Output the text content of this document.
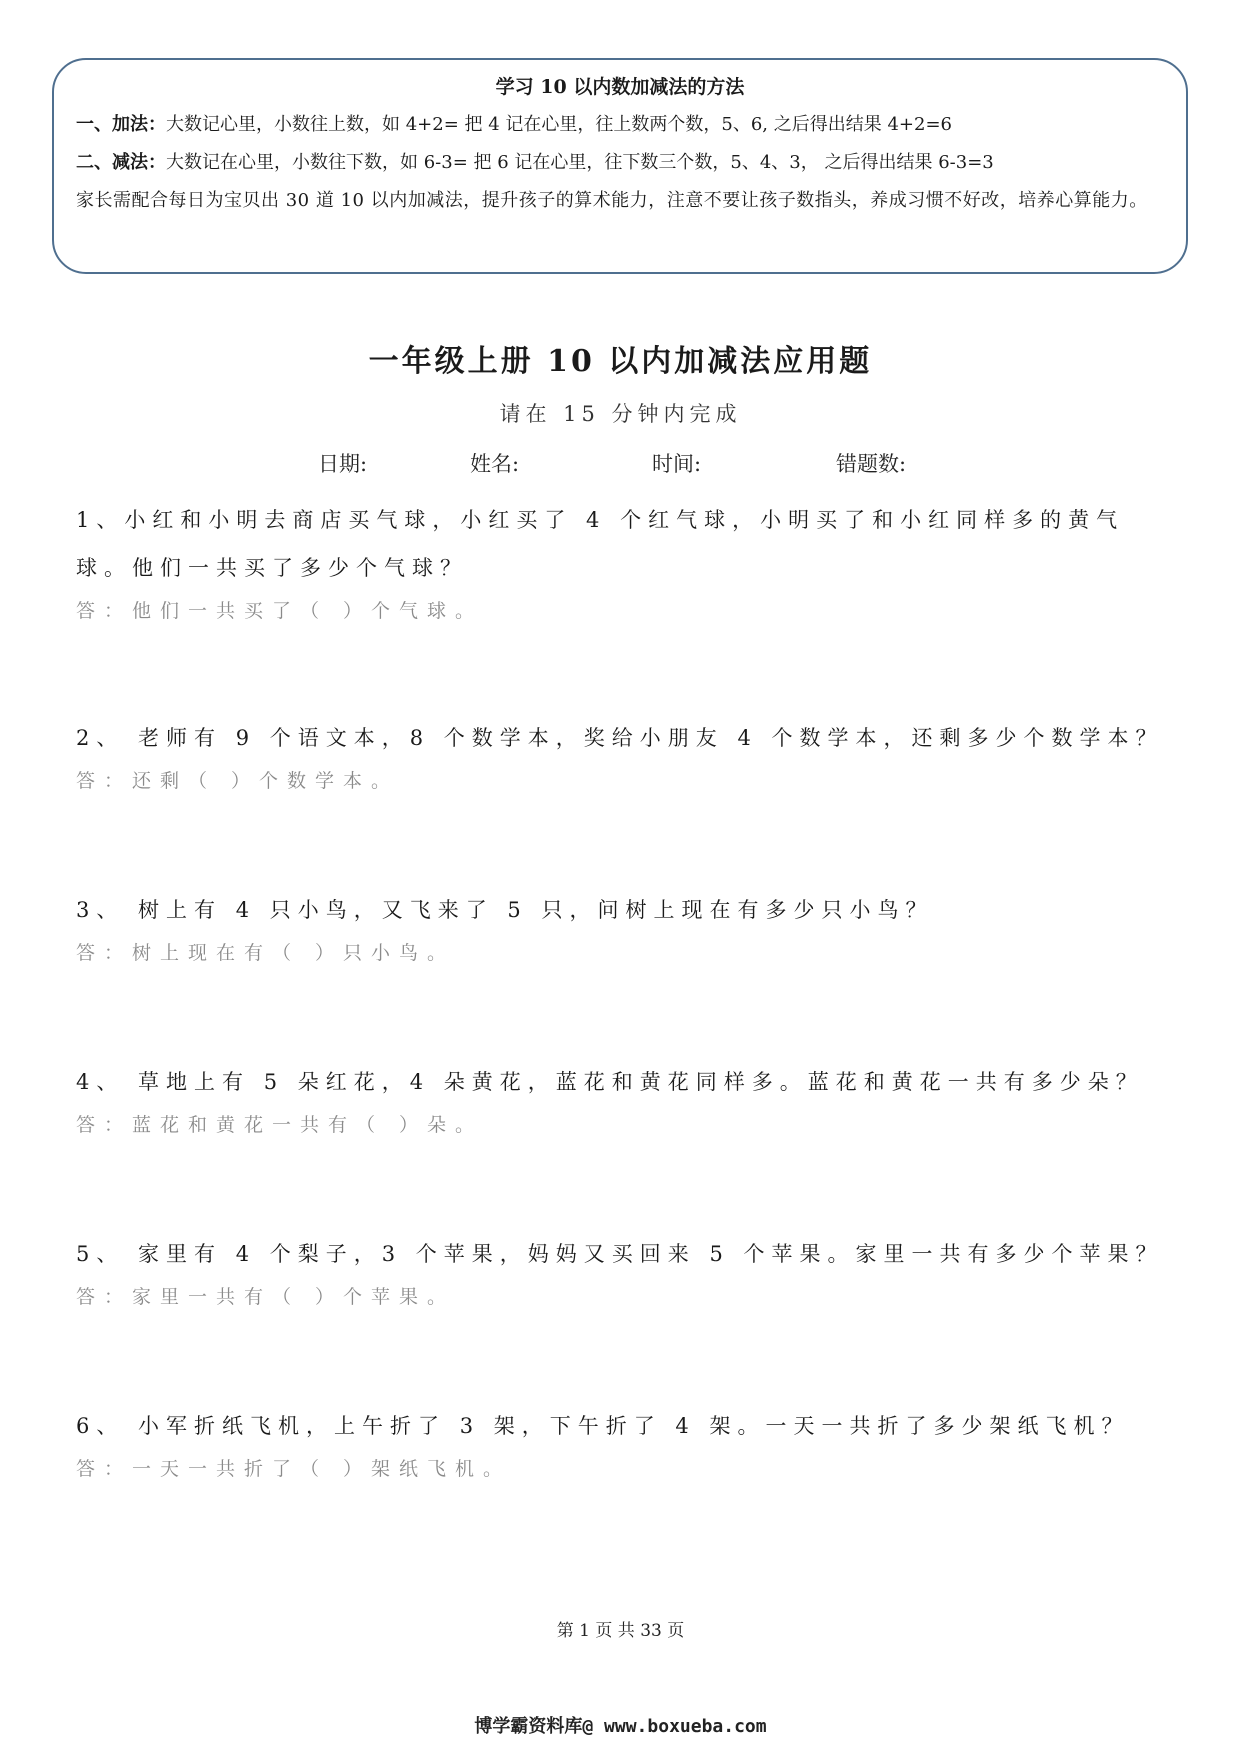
学习 10 以内数加减法的方法

一、加法：大数记心里，小数往上数，如 4+2= 把 4 记在心里，往上数两个数，5、6, 之后得出结果 4+2=6

二、减法：大数记在心里，小数往下数，如 6-3= 把 6 记在心里，往下数三个数，5、4、3， 之后得出结果 6-3=3

家长需配合每日为宝贝出 30 道 10 以内加减法，提升孩子的算术能力，注意不要让孩子数指头，养成习惯不好改，培养心算能力。

一年级上册 10 以内加减法应用题
请在 15 分钟内完成
日期:	姓名:	时间:	错题数:

1、小红和小明去商店买气球，小红买了 4 个红气球，小明买了和小红同样多的黄气球。他们一共买了多少个气球？

答：他们一共买了（ ）个气球。

2、 老师有 9 个语文本，8 个数学本，奖给小朋友 4 个数学本，还剩多少个数学本？

答：还剩（ ）个数学本。

3、 树上有 4 只小鸟，又飞来了 5 只，问树上现在有多少只小鸟？

答：树上现在有（ ）只小鸟。

4、 草地上有 5 朵红花，4 朵黄花，蓝花和黄花同样多。蓝花和黄花一共有多少朵？

答：蓝花和黄花一共有（ ）朵。

5、 家里有 4 个梨子，3 个苹果，妈妈又买回来 5 个苹果。家里一共有多少个苹果？

答：家里一共有（ ）个苹果。

6、 小军折纸飞机，上午折了 3 架，下午折了 4 架。一天一共折了多少架纸飞机？

答：一天一共折了（ ）架纸飞机。

第 1 页 共 33 页
博学霸资料库@ www.boxueba.com
